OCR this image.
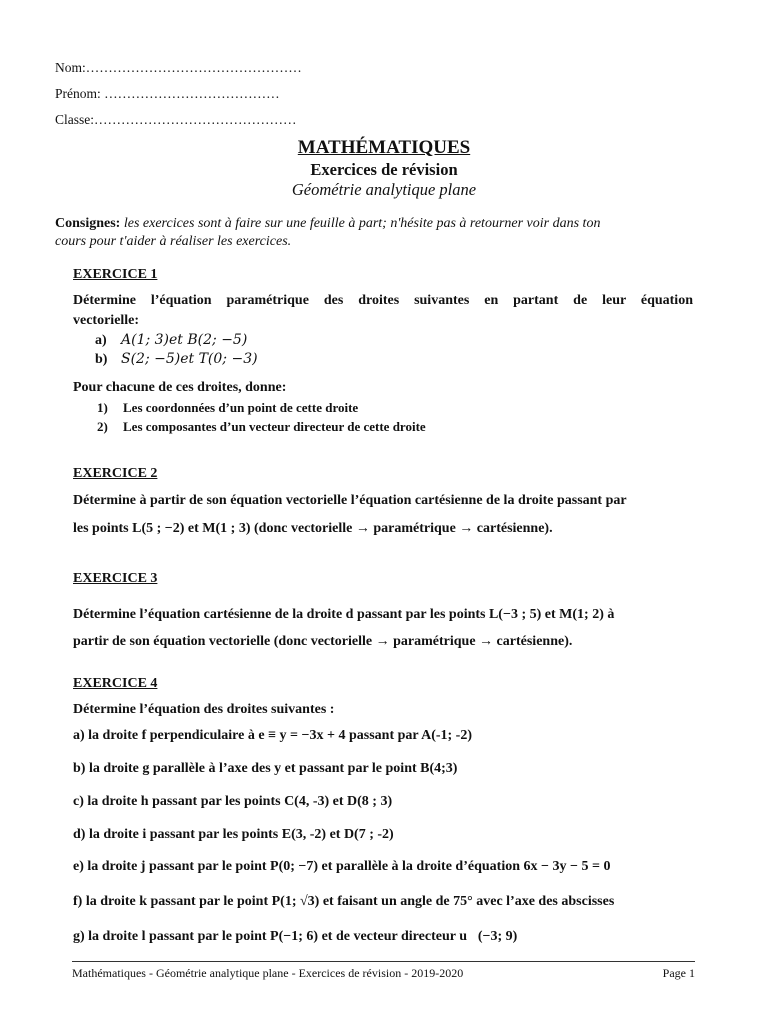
Nom:…………………………………………
Prénom: …………………………………
Classe:………………………………………
MATHÉMATIQUES
Exercices de révision
Géométrie analytique plane
Consignes: les exercices sont à faire sur une feuille à part; n'hésite pas à retourner voir dans ton
cours pour t'aider à réaliser les exercices.
EXERCICE 1
Détermine l’équation paramétrique des droites suivantes en partant de leur équation
vectorielle:
a) A(1; 3)et B(2; −5)
b) S(2; −5)et T(0; −3)
Pour chacune de ces droites, donne:
1) Les coordonnées d’un point de cette droite
2) Les composantes d’un vecteur directeur de cette droite
EXERCICE 2
Détermine à partir de son équation vectorielle l’équation cartésienne de la droite passant par
les points L(5 ; −2) et M(1 ; 3) (donc vectorielle → paramétrique → cartésienne).
EXERCICE 3
Détermine l’équation cartésienne de la droite d passant par les points L(−3 ; 5) et M(1; 2) à
partir de son équation vectorielle (donc vectorielle → paramétrique → cartésienne).
EXERCICE 4
Détermine l’équation des droites suivantes :
a) la droite f perpendiculaire à e ≡ y = −3x + 4 passant par A(-1; -2)
b) la droite g parallèle à l’axe des y et passant par le point B(4;3)
c) la droite h passant par les points C(4, -3) et D(8 ; 3)
d) la droite i passant par les points E(3, -2) et D(7 ; -2)
e) la droite j passant par le point P(0; −7) et parallèle à la droite d’équation 6x − 3y − 5 = 0
f) la droite k passant par le point P(1; √3) et faisant un angle de 75° avec l’axe des abscisses
g) la droite l passant par le point P(−1; 6) et de vecteur directeur u⃗(−3; 9)
Mathématiques - Géométrie analytique plane - Exercices de révision - 2019-2020	Page 1
